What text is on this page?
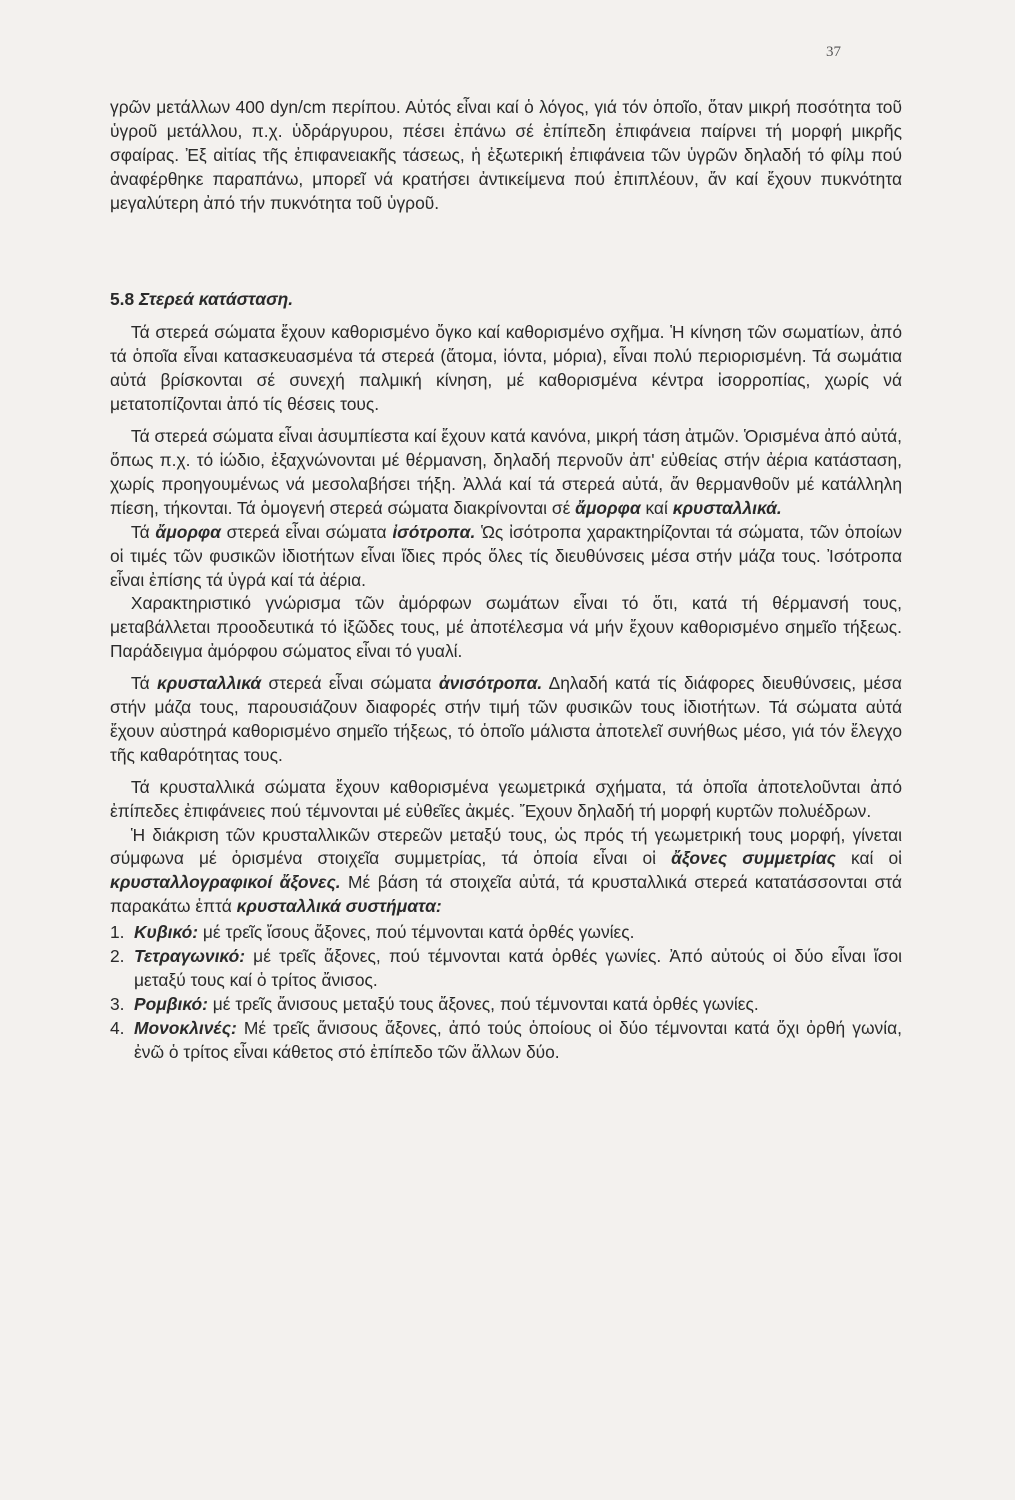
37

γρῶν μετάλλων 400 dyn/cm περίπου. Αὐτός εἶναι καί ὁ λόγος, γιά τόν ὁποῖο, ὅταν μικρή ποσότητα τοῦ ὑγροῦ μετάλλου, π.χ. ὑδράργυρου, πέσει ἐπάνω σέ ἐπίπεδη ἐπιφάνεια παίρνει τή μορφή μικρῆς σφαίρας. Ἐξ αἰτίας τῆς ἐπιφανειακῆς τάσεως, ἡ ἐξωτερική ἐπιφάνεια τῶν ὑγρῶν δηλαδή τό φίλμ πού ἀναφέρθηκε παραπάνω, μπορεῖ νά κρατήσει ἀντικείμενα πού ἐπιπλέουν, ἄν καί ἔχουν πυκνότητα μεγαλύτερη ἀπό τήν πυκνότητα τοῦ ὑγροῦ.

5.8 Στερεά κατάσταση.

Τά στερεά σώματα ἔχουν καθορισμένο ὄγκο καί καθορισμένο σχῆμα. Ἡ κίνηση τῶν σωματίων, ἀπό τά ὁποῖα εἶναι κατασκευασμένα τά στερεά (ἄτομα, ἰόντα, μόρια), εἶναι πολύ περιορισμένη. Τά σωμάτια αὐτά βρίσκονται σέ συνεχή παλμική κίνηση, μέ καθορισμένα κέντρα ἰσορροπίας, χωρίς νά μετατοπίζονται ἀπό τίς θέσεις τους.

Τά στερεά σώματα εἶναι ἀσυμπίεστα καί ἔχουν κατά κανόνα, μικρή τάση ἀτμῶν. Ὁρισμένα ἀπό αὐτά, ὅπως π.χ. τό ἰώδιο, ἐξαχνώνονται μέ θέρμανση, δηλαδή περνοῦν ἀπ' εὐθείας στήν ἀέρια κατάσταση, χωρίς προηγουμένως νά μεσολαβήσει τήξη. Ἀλλά καί τά στερεά αὐτά, ἄν θερμανθοῦν μέ κατάλληλη πίεση, τήκονται. Τά ὁμογενή στερεά σώματα διακρίνονται σέ ἄμορφα καί κρυσταλλικά.

Τά ἄμορφα στερεά εἶναι σώματα ἰσότροπα. Ὡς ἰσότροπα χαρακτηρίζονται τά σώματα, τῶν ὁποίων οἱ τιμές τῶν φυσικῶν ἰδιοτήτων εἶναι ἴδιες πρός ὅλες τίς διευθύνσεις μέσα στήν μάζα τους. Ἰσότροπα εἶναι ἐπίσης τά ὑγρά καί τά ἀέρια.

Χαρακτηριστικό γνώρισμα τῶν ἀμόρφων σωμάτων εἶναι τό ὅτι, κατά τή θέρμανσή τους, μεταβάλλεται προοδευτικά τό ἰξῶδες τους, μέ ἀποτέλεσμα νά μήν ἔχουν καθορισμένο σημεῖο τήξεως. Παράδειγμα ἀμόρφου σώματος εἶναι τό γυαλί.

Τά κρυσταλλικά στερεά εἶναι σώματα ἀνισότροπα. Δηλαδή κατά τίς διάφορες διευθύνσεις, μέσα στήν μάζα τους, παρουσιάζουν διαφορές στήν τιμή τῶν φυσικῶν τους ἰδιοτήτων. Τά σώματα αὐτά ἔχουν αὐστηρά καθορισμένο σημεῖο τήξεως, τό ὁποῖο μάλιστα ἀποτελεῖ συνήθως μέσο, γιά τόν ἔλεγχο τῆς καθαρότητας τους.

Τά κρυσταλλικά σώματα ἔχουν καθορισμένα γεωμετρικά σχήματα, τά ὁποῖα ἀποτελοῦνται ἀπό ἐπίπεδες ἐπιφάνειες πού τέμνονται μέ εὐθεῖες ἀκμές. Ἔχουν δηλαδή τή μορφή κυρτῶν πολυέδρων.

Ἡ διάκριση τῶν κρυσταλλικῶν στερεῶν μεταξύ τους, ὡς πρός τή γεωμετρική τους μορφή, γίνεται σύμφωνα μέ ὁρισμένα στοιχεῖα συμμετρίας, τά ὁποία εἶναι οἱ ἄξονες συμμετρίας καί οἱ κρυσταλλογραφικοί ἄξονες. Μέ βάση τά στοιχεῖα αὐτά, τά κρυσταλλικά στερεά κατατάσσονται στά παρακάτω ἑπτά κρυσταλλικά συστήματα:

1. Κυβικό: μέ τρεῖς ἴσους ἄξονες, πού τέμνονται κατά ὀρθές γωνίες.
2. Τετραγωνικό: μέ τρεῖς ἄξονες, πού τέμνονται κατά ὀρθές γωνίες. Ἀπό αὐτούς οἱ δύο εἶναι ἴσοι μεταξύ τους καί ὁ τρίτος ἄνισος.
3. Ρομβικό: μέ τρεῖς ἄνισους μεταξύ τους ἄξονες, πού τέμνονται κατά ὀρθές γωνίες.
4. Μονοκλινές: Μέ τρεῖς ἄνισους ἄξονες, ἀπό τούς ὁποίους οἱ δύο τέμνονται κατά ὄχι ὀρθή γωνία, ἐνῶ ὁ τρίτος εἶναι κάθετος στό ἐπίπεδο τῶν ἄλλων δύο.
